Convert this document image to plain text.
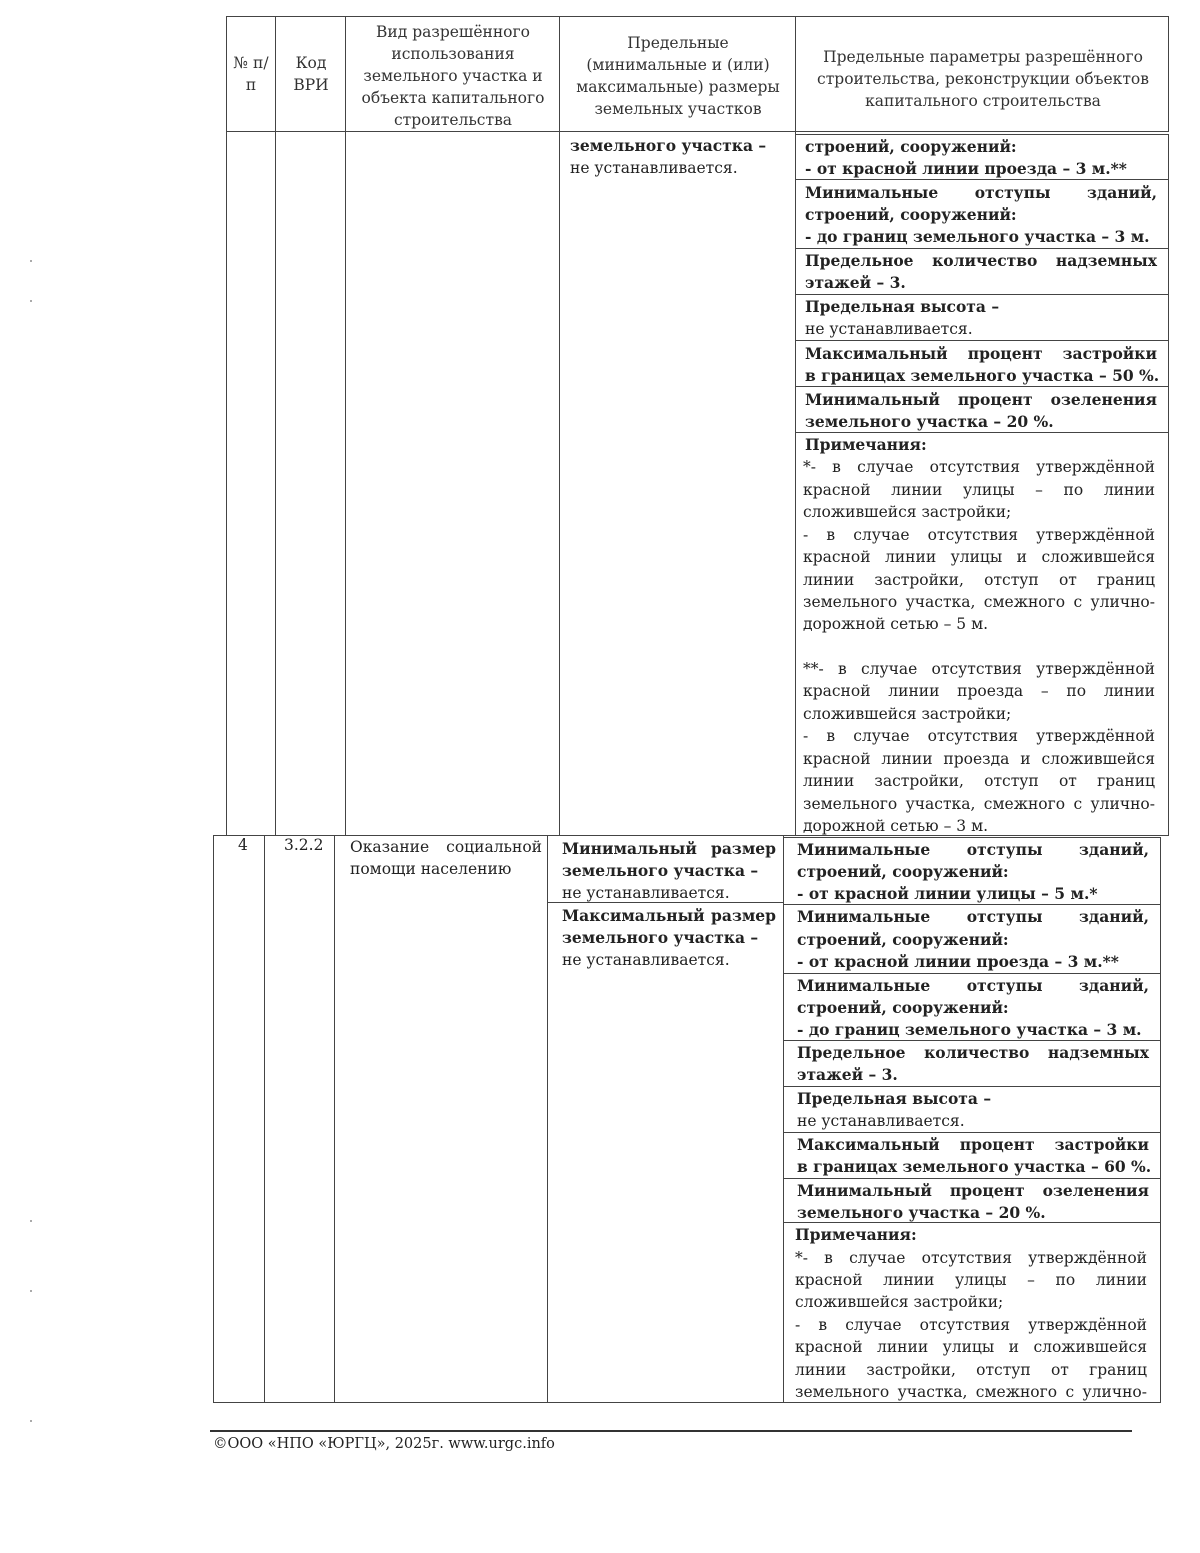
№ п/п
Код ВРИ
Вид разрешённого использования земельного участка и объекта капитального строительства
Предельные (минимальные и (или) максимальные) размеры земельных участков
Предельные параметры разрешённого строительства, реконструкции объектов капитального строительства
земельного участка –
не устанавливается.
строений, сооружений:
- от красной линии проезда – 3 м.**
Минимальные отступы зданий,
строений, сооружений:
- до границ земельного участка – 3 м.
Предельное количество надземных
этажей – 3.
Предельная высота –
не устанавливается.
Максимальный процент застройки
в границах земельного участка – 50 %.
Минимальный процент озеленения
земельного участка – 20 %.
Примечания:
*- в случае отсутствия утверждённой
красной линии улицы – по линии
сложившейся застройки;
- в случае отсутствия утверждённой
красной линии улицы и сложившейся
линии застройки, отступ от границ
земельного участка, смежного с улично-
дорожной сетью – 5 м.
**- в случае отсутствия утверждённой
красной линии проезда – по линии
сложившейся застройки;
- в случае отсутствия утверждённой
красной линии проезда и сложившейся
линии застройки, отступ от границ
земельного участка, смежного с улично-
дорожной сетью – 3 м.
4 3.2.2 Оказание социальной
помощи населению
Минимальный размер
земельного участка –
не устанавливается.
Максимальный размер
земельного участка –
не устанавливается.
Минимальные отступы зданий,
строений, сооружений:
- от красной линии улицы – 5 м.*
Минимальные отступы зданий,
строений, сооружений:
- от красной линии проезда – 3 м.**
Минимальные отступы зданий,
строений, сооружений:
- до границ земельного участка – 3 м.
Предельное количество надземных
этажей – 3.
Предельная высота –
не устанавливается.
Максимальный процент застройки
в границах земельного участка – 60 %.
Минимальный процент озеленения
земельного участка – 20 %.
Примечания:
*- в случае отсутствия утверждённой
красной линии улицы – по линии
сложившейся застройки;
- в случае отсутствия утверждённой
красной линии улицы и сложившейся
линии застройки, отступ от границ
земельного участка, смежного с улично-
©ООО «НПО «ЮРГЦ», 2025г. www.urgc.info
